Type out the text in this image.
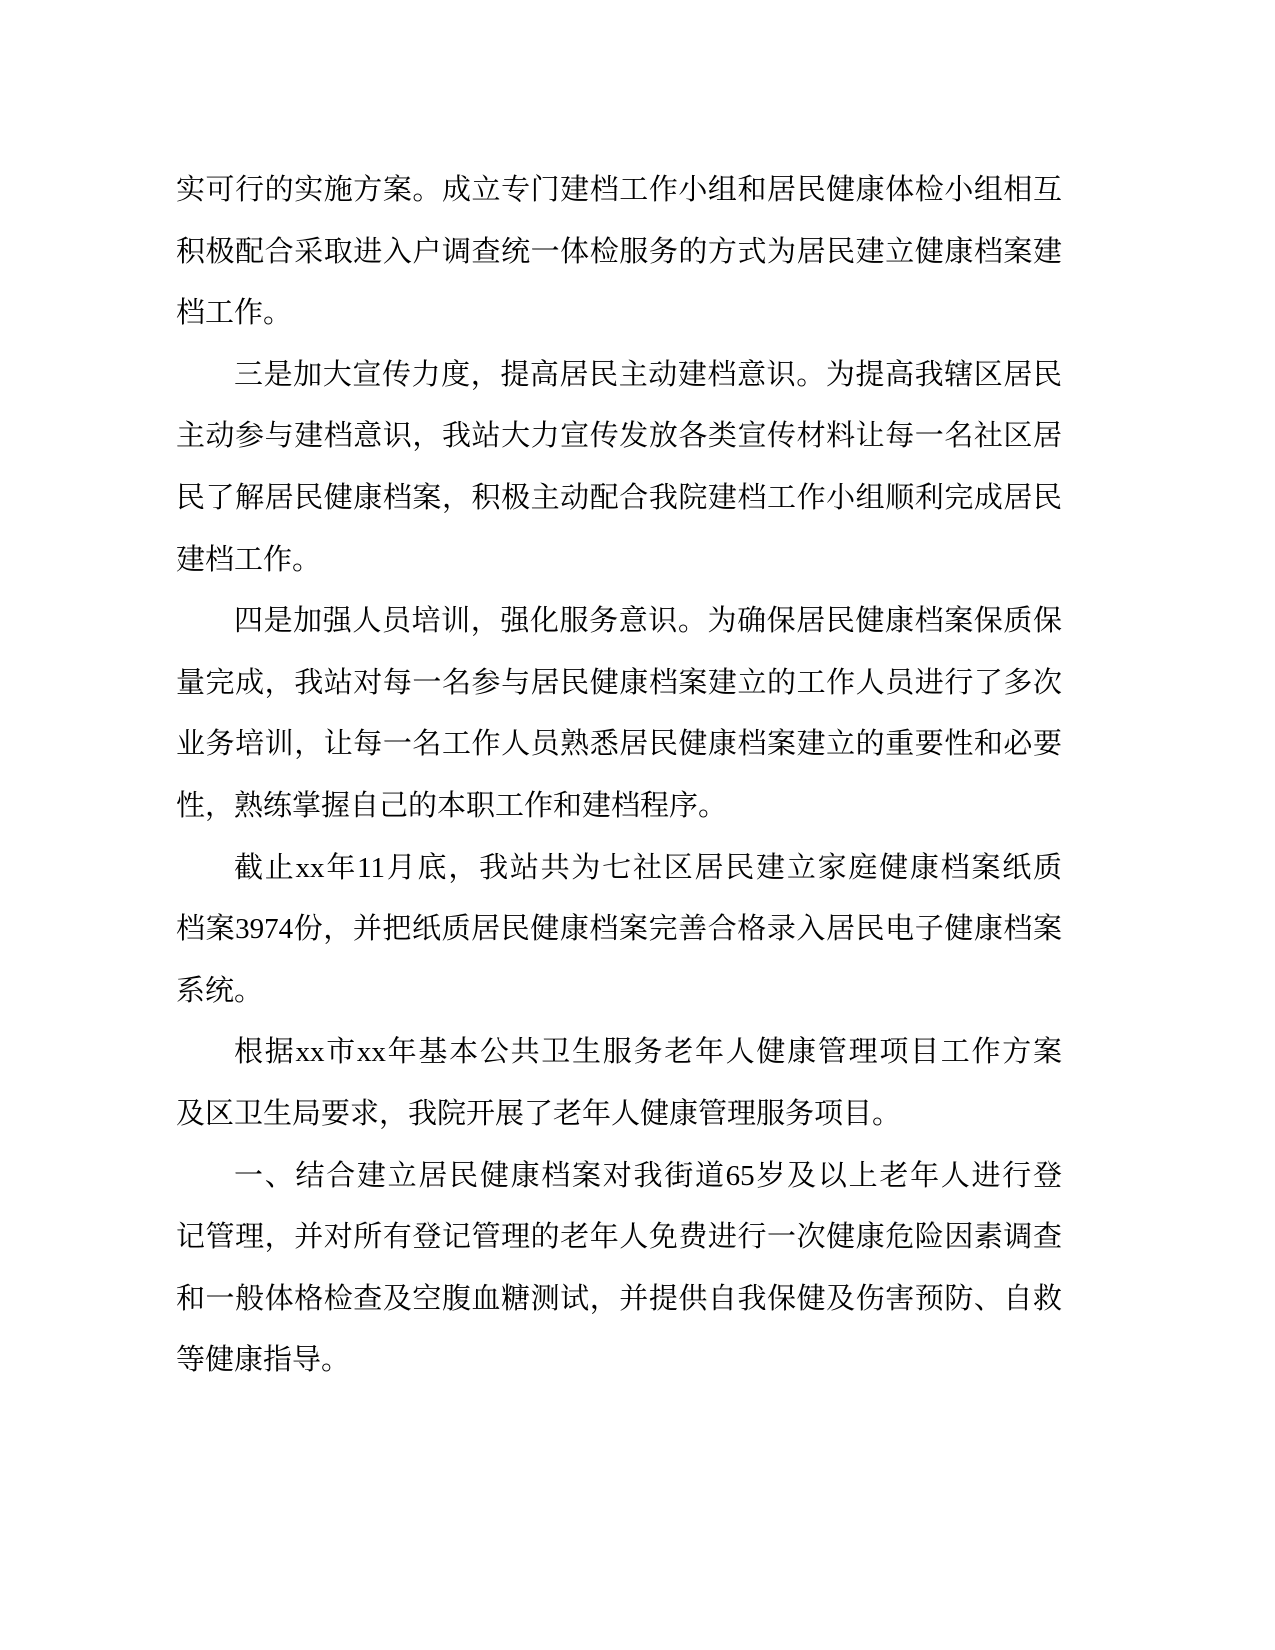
实可行的实施方案。成立专门建档工作小组和居民健康体检小组相互
积极配合采取进入户调查统一体检服务的方式为居民建立健康档案建
档工作。
三是加大宣传力度，提高居民主动建档意识。为提高我辖区居民
主动参与建档意识，我站大力宣传发放各类宣传材料让每一名社区居
民了解居民健康档案，积极主动配合我院建档工作小组顺利完成居民
建档工作。
四是加强人员培训，强化服务意识。为确保居民健康档案保质保
量完成，我站对每一名参与居民健康档案建立的工作人员进行了多次
业务培训，让每一名工作人员熟悉居民健康档案建立的重要性和必要
性，熟练掌握自己的本职工作和建档程序。
截止xx年11月底，我站共为七社区居民建立家庭健康档案纸质
档案3974份，并把纸质居民健康档案完善合格录入居民电子健康档案
系统。
根据xx市xx年基本公共卫生服务老年人健康管理项目工作方案
及区卫生局要求，我院开展了老年人健康管理服务项目。
一、结合建立居民健康档案对我街道65岁及以上老年人进行登
记管理，并对所有登记管理的老年人免费进行一次健康危险因素调查
和一般体格检查及空腹血糖测试，并提供自我保健及伤害预防、自救
等健康指导。
